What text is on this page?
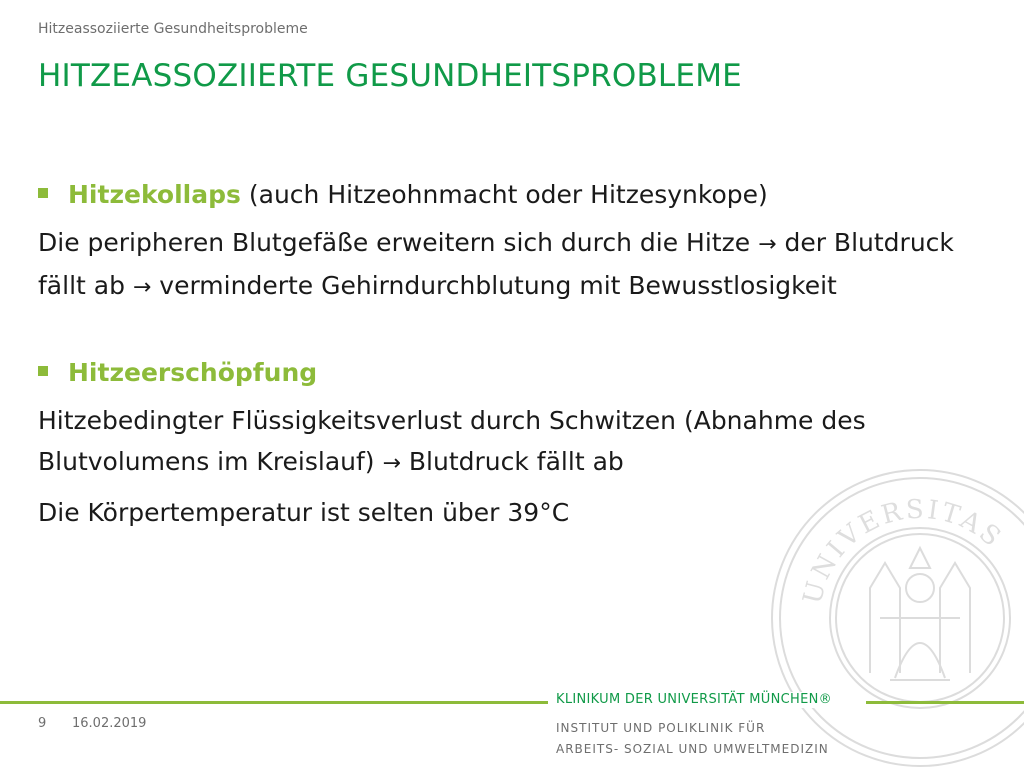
Hitzeassoziierte Gesundheitsprobleme
HITZEASSOZIIERTE GESUNDHEITSPROBLEME
Hitzekollaps (auch Hitzeohnmacht oder Hitzesynkope)

Die peripheren Blutgefäße erweitern sich durch die Hitze → der Blutdruck fällt ab → verminderte Gehirndurchblutung mit Bewusstlosigkeit

Hitzeerschöpfung

Hitzebedingter Flüssigkeitsverlust durch Schwitzen (Abnahme des Blutvolumens im Kreislauf) → Blutdruck fällt ab

Die Körpertemperatur ist selten über 39°C

UNIVERSITAS
KLINIKUM DER UNIVERSITÄT MÜNCHEN®
INSTITUT UND POLIKLINIK FÜR
ARBEITS- SOZIAL UND UMWELTMEDIZIN
9 16.02.2019
